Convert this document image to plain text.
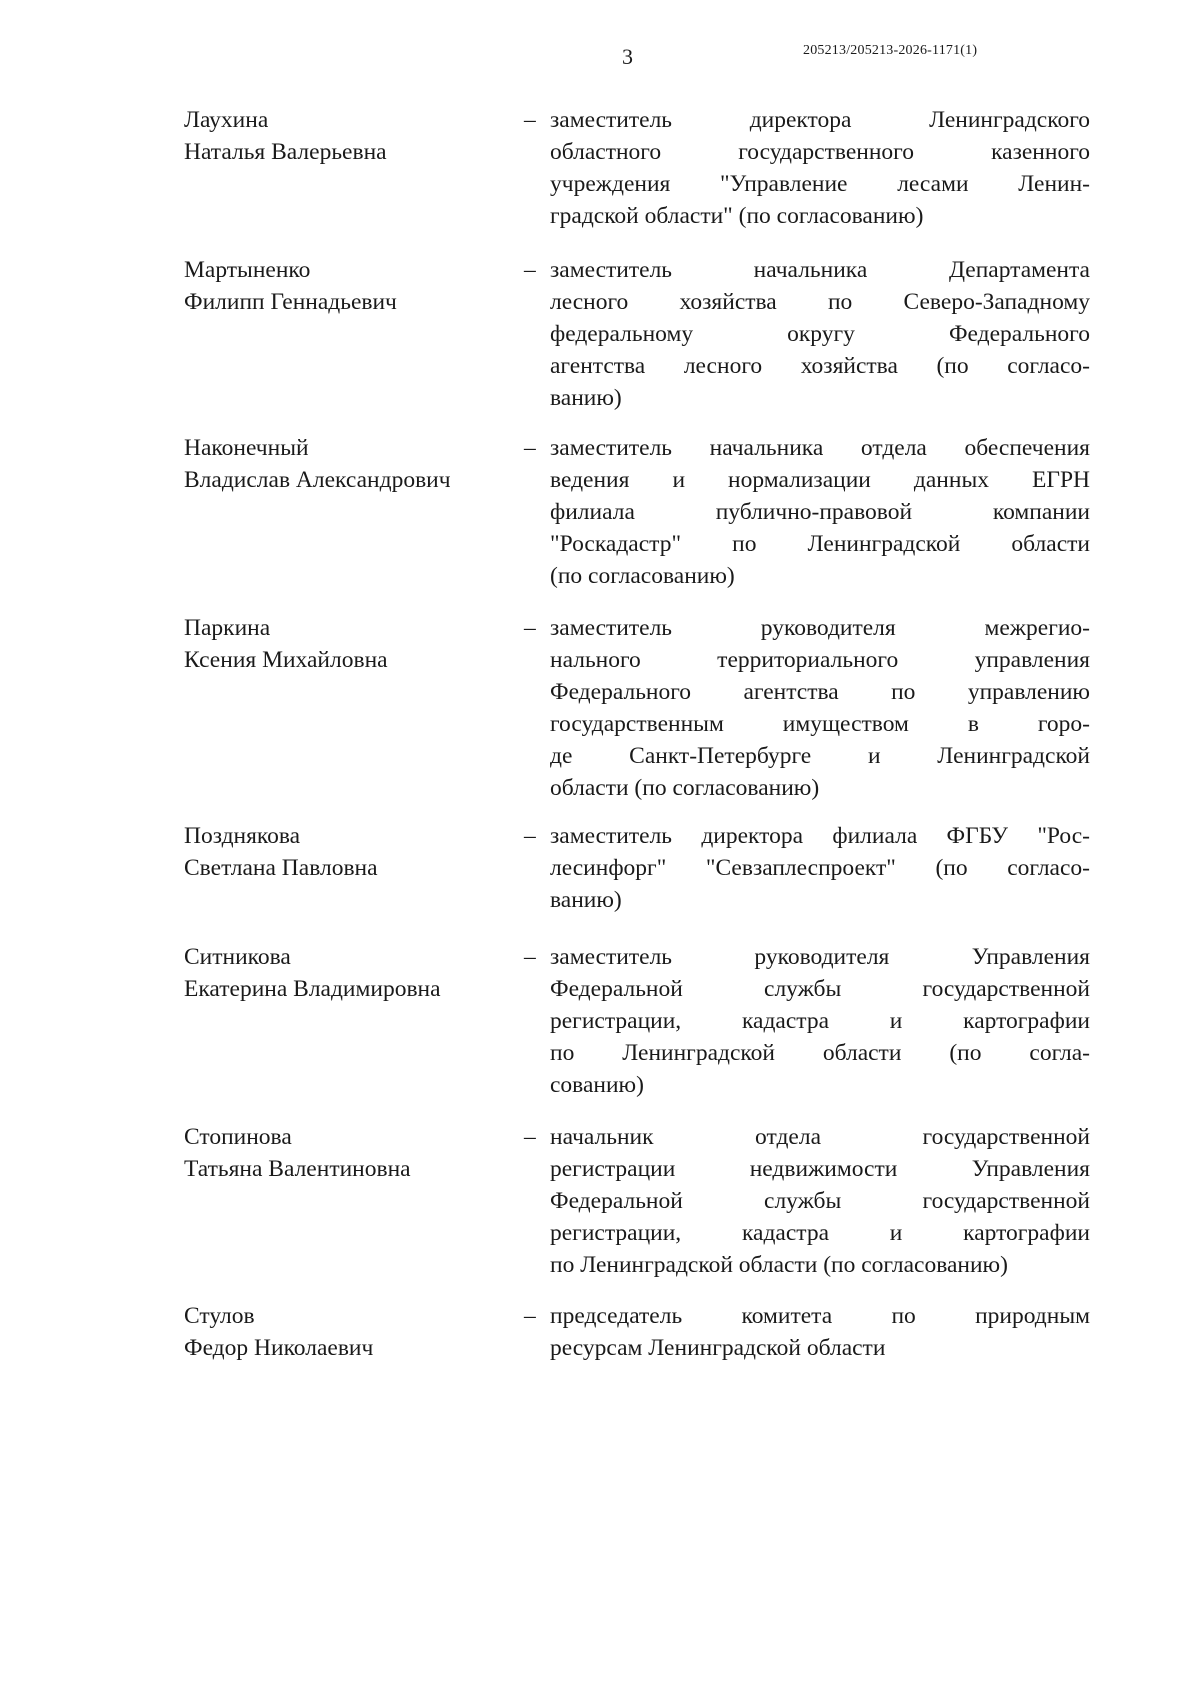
3	205213/205213-2026-1171(1)
Лаухина
Наталья Валерьевна
– заместитель директора Ленинградского
областного государственного казенного
учреждения "Управление лесами Ленин-
градской области" (по согласованию)
Мартыненко
Филипп Геннадьевич
– заместитель начальника Департамента
лесного хозяйства по Северо-Западному
федеральному округу Федерального
агентства лесного хозяйства (по согласо-
ванию)
Наконечный
Владислав Александрович
– заместитель начальника отдела обеспечения
ведения и нормализации данных ЕГРН
филиала публично-правовой компании
"Роскадастр" по Ленинградской области
(по согласованию)
Паркина
Ксения Михайловна
– заместитель руководителя межрегио-
нального территориального управления
Федерального агентства по управлению
государственным имуществом в горо-
де Санкт-Петербурге и Ленинградской
области (по согласованию)
Позднякова
Светлана Павловна
– заместитель директора филиала ФГБУ "Рос-
лесинфорг" "Севзаплеспроект" (по согласо-
ванию)
Ситникова
Екатерина Владимировна
– заместитель руководителя Управления
Федеральной службы государственной
регистрации, кадастра и картографии
по Ленинградской области (по согла-
сованию)
Стопинова
Татьяна Валентиновна
– начальник отдела государственной
регистрации недвижимости Управления
Федеральной службы государственной
регистрации, кадастра и картографии
по Ленинградской области (по согласованию)
Стулов
Федор Николаевич
– председатель комитета по природным
ресурсам Ленинградской области
